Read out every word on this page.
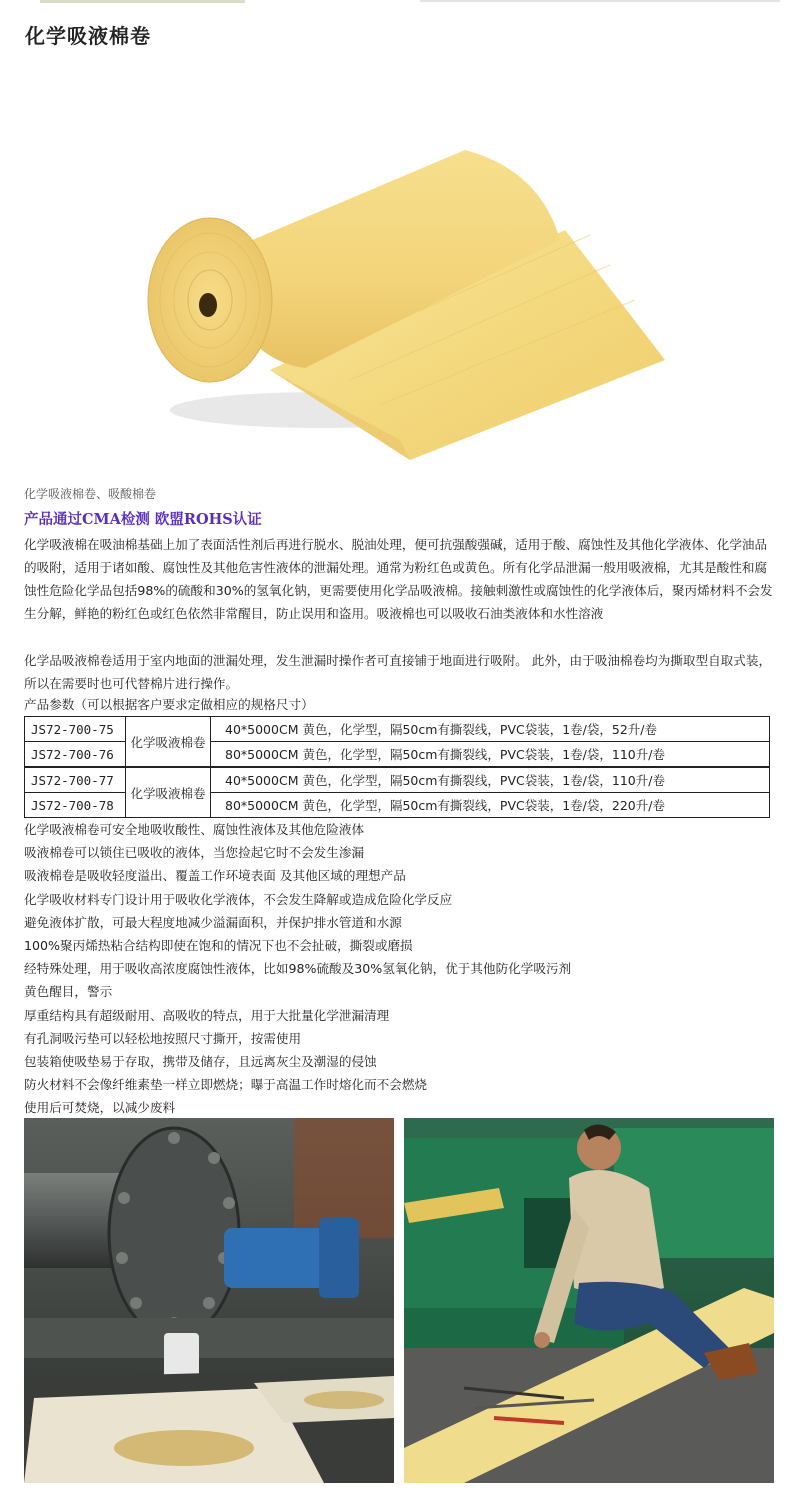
化学吸液棉卷
化学吸液棉卷、吸酸棉卷
产品通过CMA检测 欧盟ROHS认证

化学吸液棉在吸油棉基础上加了表面活性剂后再进行脱水、脱油处理，便可抗强酸强碱，适用于酸、腐蚀性及其他化学液体、化学油品的吸附，适用于诸如酸、腐蚀性及其他危害性液体的泄漏处理。通常为粉红色或黄色。所有化学品泄漏一般用吸液棉，尤其是酸性和腐蚀性危险化学品包括98%的硫酸和30%的氢氧化钠，更需要使用化学品吸液棉。接触刺激性或腐蚀性的化学液体后，聚丙烯材料不会发生分解，鲜艳的粉红色或红色依然非常醒目，防止误用和盗用。吸液棉也可以吸收石油类液体和水性溶液

化学品吸液棉卷适用于室内地面的泄漏处理，发生泄漏时操作者可直接铺于地面进行吸附。 此外，由于吸油棉卷均为撕取型自取式装，所以在需要时也可代替棉片进行操作。

产品参数（可以根据客户要求定做相应的规格尺寸）
JS72-700-75	化学吸液棉卷	40*5000CM 黄色，化学型，隔50cm有撕裂线，PVC袋装，1卷/袋，52升/卷
JS72-700-76		80*5000CM 黄色，化学型，隔50cm有撕裂线，PVC袋装，1卷/袋，110升/卷
JS72-700-77	化学吸液棉卷	40*5000CM 黄色，化学型，隔50cm有撕裂线，PVC袋装，1卷/袋，110升/卷
JS72-700-78		80*5000CM 黄色，化学型，隔50cm有撕裂线，PVC袋装，1卷/袋，220升/卷
化学吸液棉卷可安全地吸收酸性、腐蚀性液体及其他危险液体
吸液棉卷可以锁住已吸收的液体，当您捡起它时不会发生渗漏
吸液棉卷是吸收轻度溢出、覆盖工作环境表面 及其他区域的理想产品
化学吸收材料专门设计用于吸收化学液体，不会发生降解或造成危险化学反应
避免液体扩散，可最大程度地减少溢漏面积，并保护排水管道和水源
100%聚丙烯热粘合结构即使在饱和的情况下也不会扯破，撕裂或磨损
经特殊处理，用于吸收高浓度腐蚀性液体，比如98%硫酸及30%氢氧化钠，优于其他防化学吸污剂
黄色醒目，警示
厚重结构具有超级耐用、高吸收的特点，用于大批量化学泄漏清理
有孔洞吸污垫可以轻松地按照尺寸撕开，按需使用
包装箱使吸垫易于存取，携带及储存，且远离灰尘及潮湿的侵蚀
防火材料不会像纤维素垫一样立即燃烧；曝于高温工作时熔化而不会燃烧
使用后可焚烧，以减少废料
